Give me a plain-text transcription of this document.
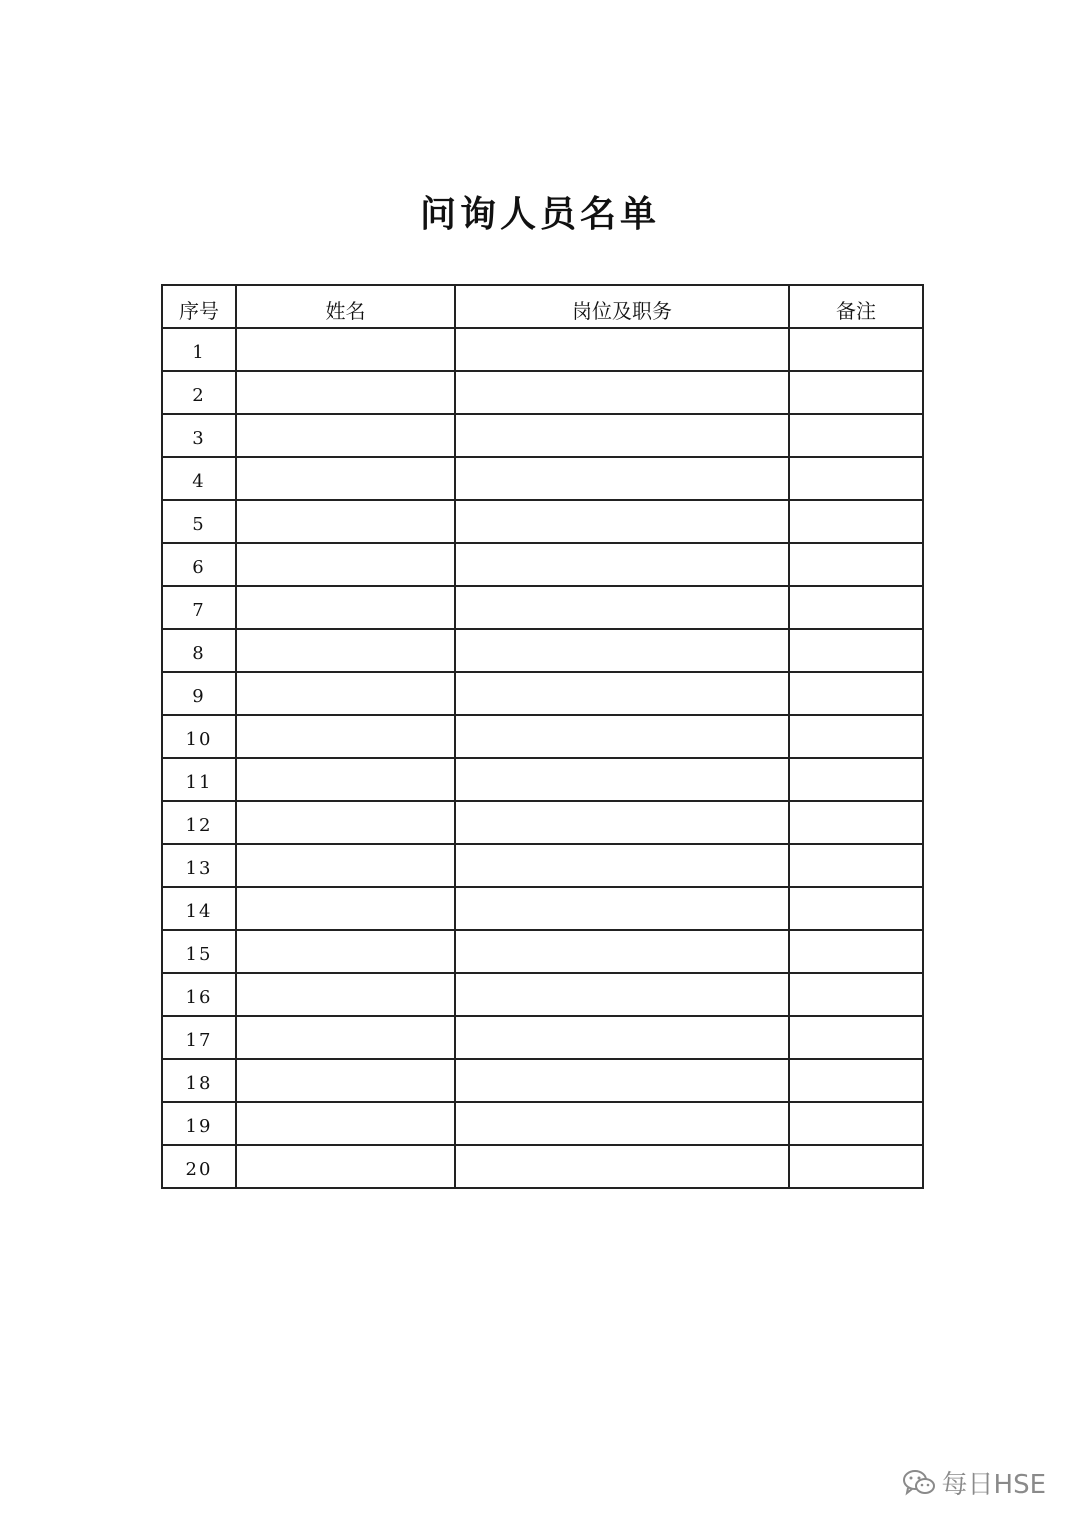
问询人员名单
序号	姓名	岗位及职务	备注
1			
2			
3			
4			
5			
6			
7			
8			
9			
10			
11			
12			
13			
14			
15			
16			
17			
18			
19			
20			
每日HSE
